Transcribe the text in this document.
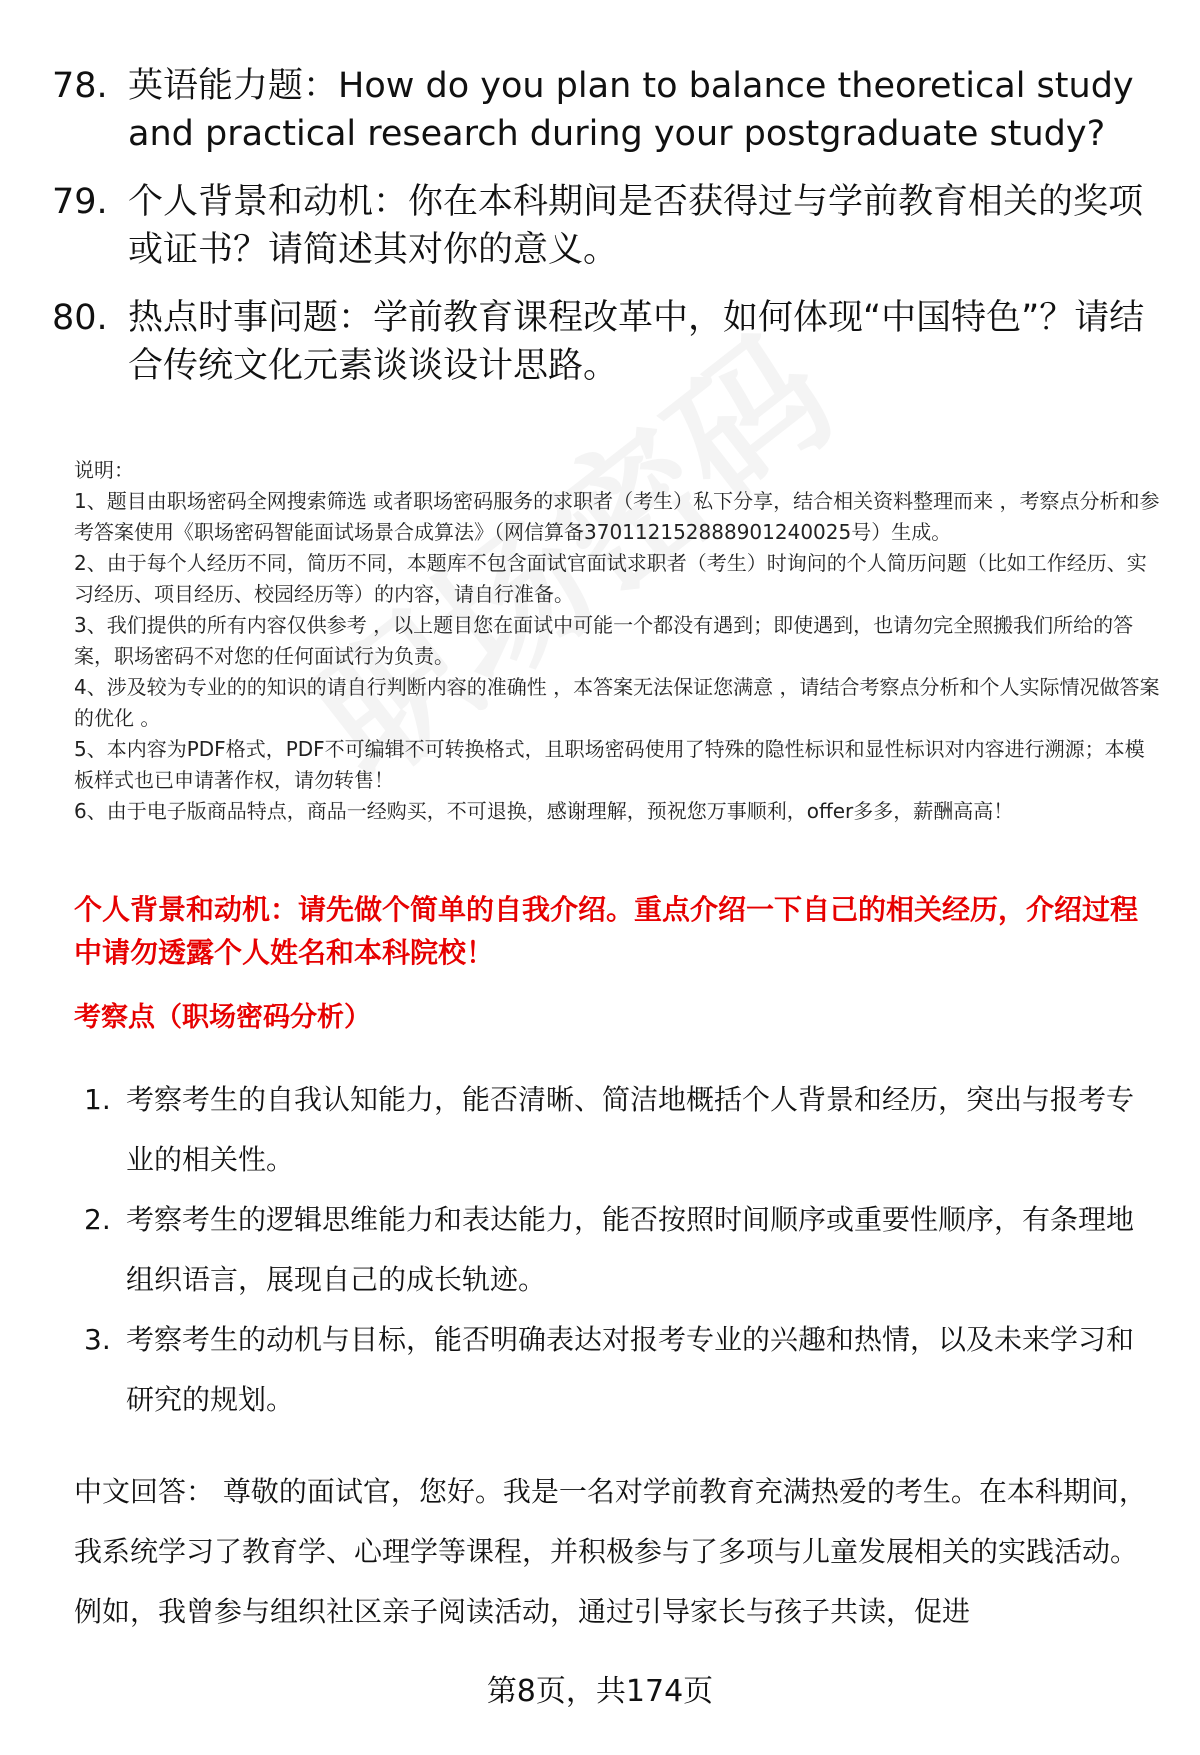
78. 英语能力题：How do you plan to balance theoretical study and practical research during your postgraduate study?
79. 个人背景和动机：你在本科期间是否获得过与学前教育相关的奖项或证书？请简述其对你的意义。
80. 热点时事问题：学前教育课程改革中，如何体现“中国特色”？请结合传统文化元素谈谈设计思路。

说明：

1、题目由职场密码全网搜索筛选 或者职场密码服务的求职者（考生）私下分享，结合相关资料整理而来 ，考察点分析和参考答案使用《职场密码智能面试场景合成算法》（网信算备370112152888901240025号）生成。

2、由于每个人经历不同，简历不同，本题库不包含面试官面试求职者（考生）时询问的个人简历问题（比如工作经历、实习经历、项目经历、校园经历等）的内容，请自行准备。

3、我们提供的所有内容仅供参考 ，以上题目您在面试中可能一个都没有遇到；即使遇到，也请勿完全照搬我们所给的答案，职场密码不对您的任何面试行为负责。

4、涉及较为专业的的知识的请自行判断内容的准确性 ，本答案无法保证您满意 ，请结合考察点分析和个人实际情况做答案的优化 。

5、本内容为PDF格式，PDF不可编辑不可转换格式，且职场密码使用了特殊的隐性标识和显性标识对内容进行溯源；本模板样式也已申请著作权，请勿转售！

6、由于电子版商品特点，商品一经购买，不可退换，感谢理解，预祝您万事顺利，offer多多，薪酬高高！

个人背景和动机：请先做个简单的自我介绍。重点介绍一下自己的相关经历，介绍过程中请勿透露个人姓名和本科院校！
考察点（职场密码分析）
1. 考察考生的自我认知能力，能否清晰、简洁地概括个人背景和经历，突出与报考专业的相关性。
2. 考察考生的逻辑思维能力和表达能力，能否按照时间顺序或重要性顺序，有条理地组织语言，展现自己的成长轨迹。
3. 考察考生的动机与目标，能否明确表达对报考专业的兴趣和热情，以及未来学习和研究的规划。
中文回答： 尊敬的面试官，您好。我是一名对学前教育充满热爱的考生。在本科期间，我系统学习了教育学、心理学等课程，并积极参与了多项与儿童发展相关的实践活动。例如，我曾参与组织社区亲子阅读活动，通过引导家长与孩子共读，促进
第8页，共174页
